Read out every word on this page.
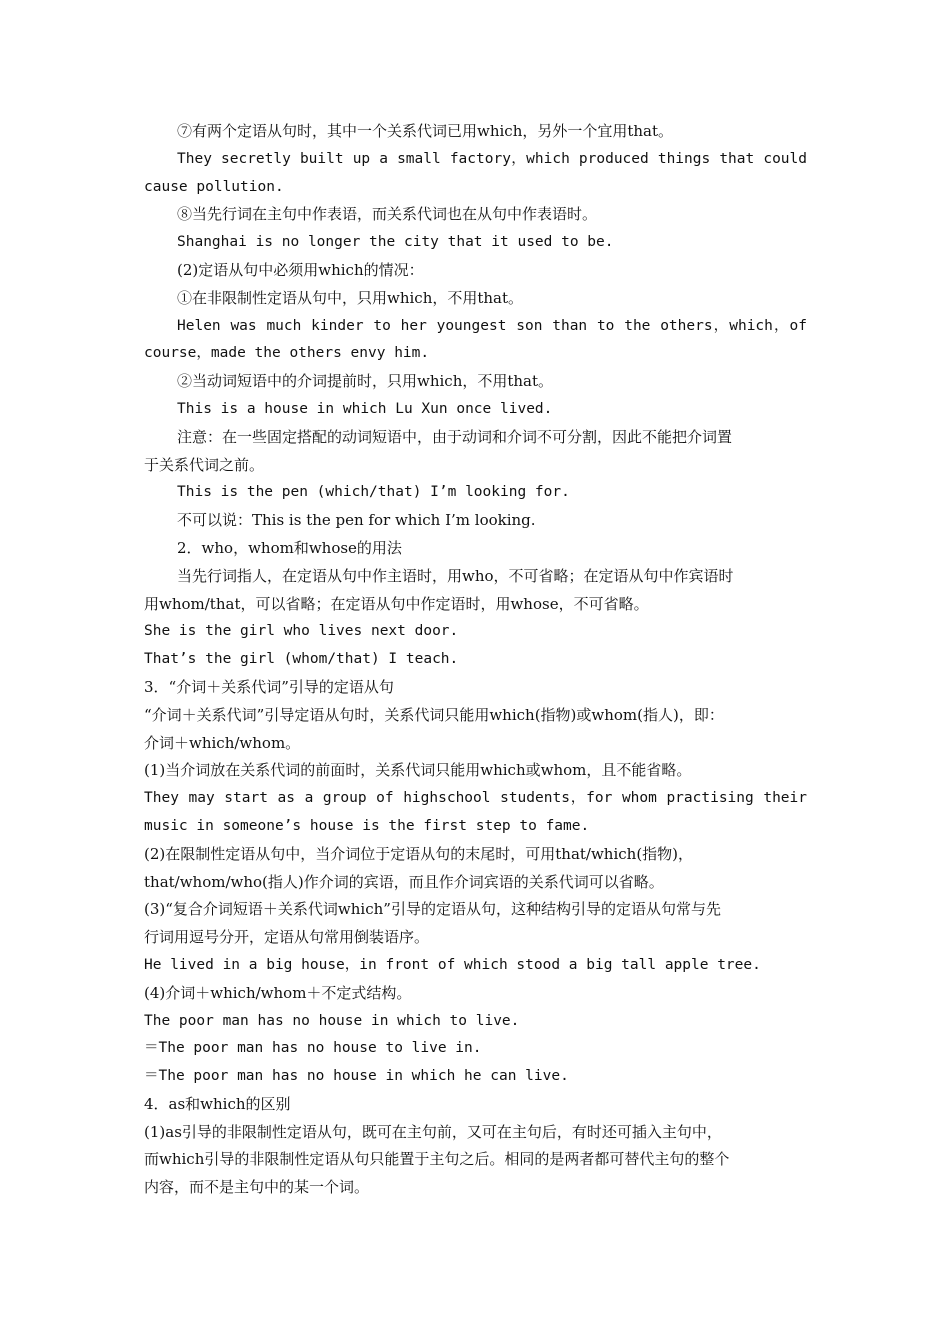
⑦有两个定语从句时，其中一个关系代词已用which，另外一个宜用that。
They secretly built up a small factory，which produced things that could
cause pollution.
⑧当先行词在主句中作表语，而关系代词也在从句中作表语时。
Shanghai is no longer the city that it used to be.
(2)定语从句中必须用which的情况：
①在非限制性定语从句中，只用which，不用that。
Helen was much kinder to her youngest son than to the others，which，of
course，made the others envy him.
②当动词短语中的介词提前时，只用which，不用that。
This is a house in which Lu Xun once lived.
注意：在一些固定搭配的动词短语中，由于动词和介词不可分割，因此不能把介词置
于关系代词之前。
This is the pen (which/that) I’m looking for.
不可以说：This is the pen for which I’m looking.
2．who，whom和whose的用法
当先行词指人，在定语从句中作主语时，用who，不可省略；在定语从句中作宾语时
用whom/that，可以省略；在定语从句中作定语时，用whose，不可省略。
She is the girl who lives next door.
That’s the girl (whom/that) I teach.
3．“介词＋关系代词”引导的定语从句
“介词＋关系代词”引导定语从句时，关系代词只能用which(指物)或whom(指人)，即：
介词＋which/whom。
(1)当介词放在关系代词的前面时，关系代词只能用which或whom，且不能省略。
They may start as a group of highschool students，for whom practising their
music in someone’s house is the first step to fame.
(2)在限制性定语从句中，当介词位于定语从句的末尾时，可用that/which(指物)，
that/whom/who(指人)作介词的宾语，而且作介词宾语的关系代词可以省略。
(3)“复合介词短语＋关系代词which”引导的定语从句，这种结构引导的定语从句常与先
行词用逗号分开，定语从句常用倒装语序。
He lived in a big house，in front of which stood a big tall apple tree.
(4)介词＋which/whom＋不定式结构。
The poor man has no house in which to live.
＝The poor man has no house to live in.
＝The poor man has no house in which he can live.
4．as和which的区别
(1)as引导的非限制性定语从句，既可在主句前，又可在主句后，有时还可插入主句中，
而which引导的非限制性定语从句只能置于主句之后。相同的是两者都可替代主句的整个
内容，而不是主句中的某一个词。
